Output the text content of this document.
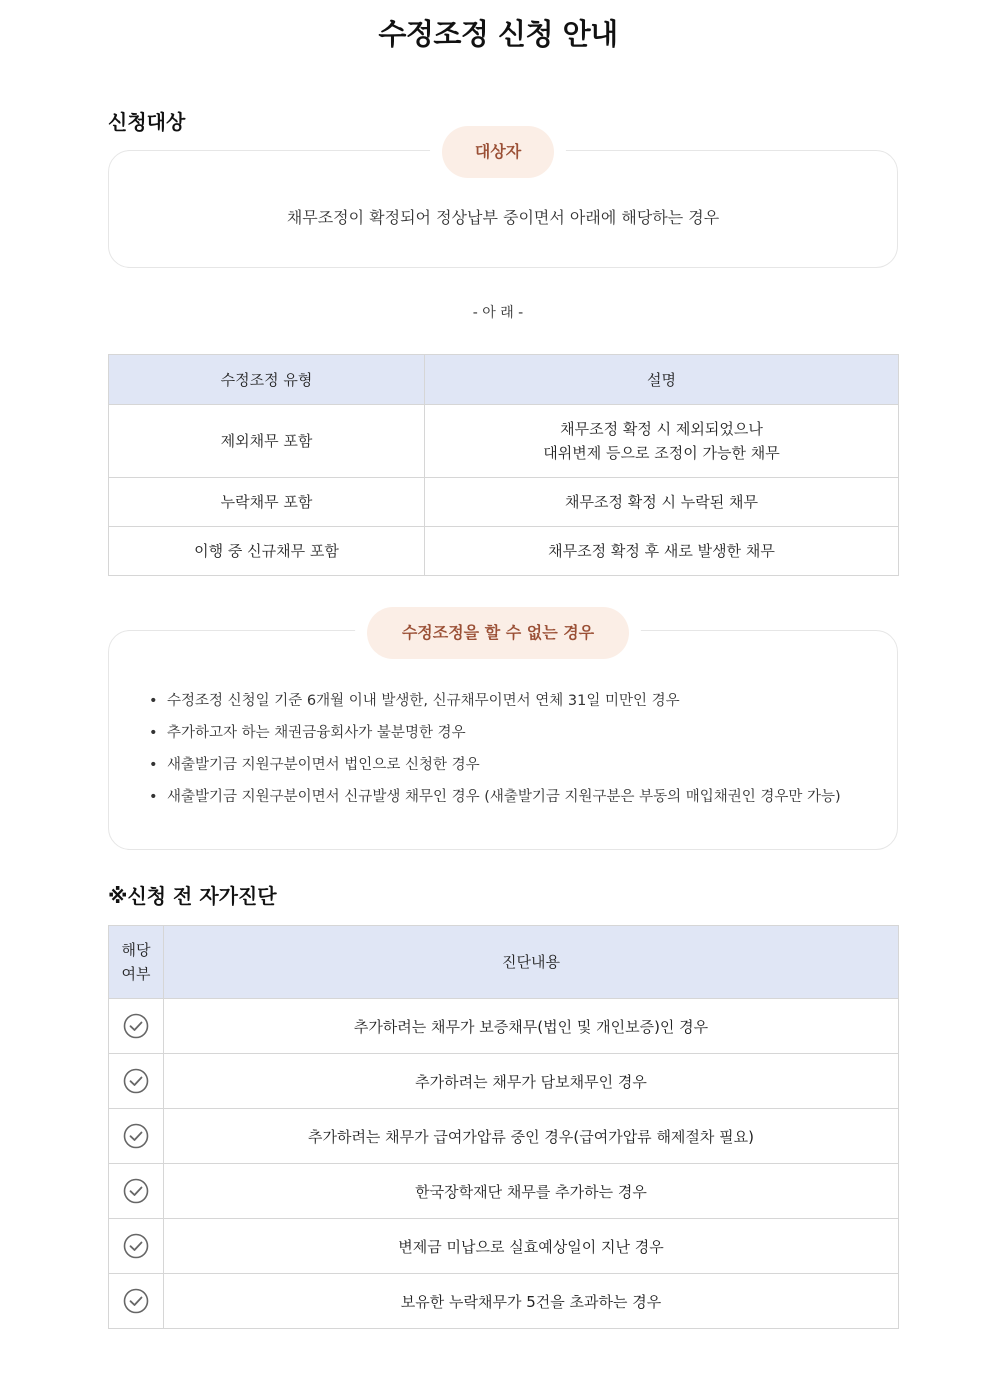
수정조정 신청 안내
신청대상
채무조정이 확정되어 정상납부 중이면서 아래에 해당하는 경우
대상자
- 아 래 -
수정조정 유형	설명
제외채무 포함	채무조정 확정 시 제외되었으나
대위변제 등으로 조정이 가능한 채무

누락채무 포함	채무조정 확정 시 누락된 채무
이행 중 신규채무 포함	채무조정 확정 후 새로 발생한 채무
• 수정조정 신청일 기준 6개월 이내 발생한, 신규채무이면서 연체 31일 미만인 경우
• 추가하고자 하는 채권금융회사가 불분명한 경우
• 새출발기금 지원구분이면서 법인으로 신청한 경우
• 새출발기금 지원구분이면서 신규발생 채무인 경우 (새출발기금 지원구분은 부동의 매입채권인 경우만 가능)
수정조정을 할 수 없는 경우
※신청 전 자가진단
해당
여부	진단내용
	추가하려는 채무가 보증채무(법인 및 개인보증)인 경우
	추가하려는 채무가 담보채무인 경우
	추가하려는 채무가 급여가압류 중인 경우(급여가압류 해제절차 필요)
	한국장학재단 채무를 추가하는 경우
	변제금 미납으로 실효예상일이 지난 경우
	보유한 누락채무가 5건을 초과하는 경우
